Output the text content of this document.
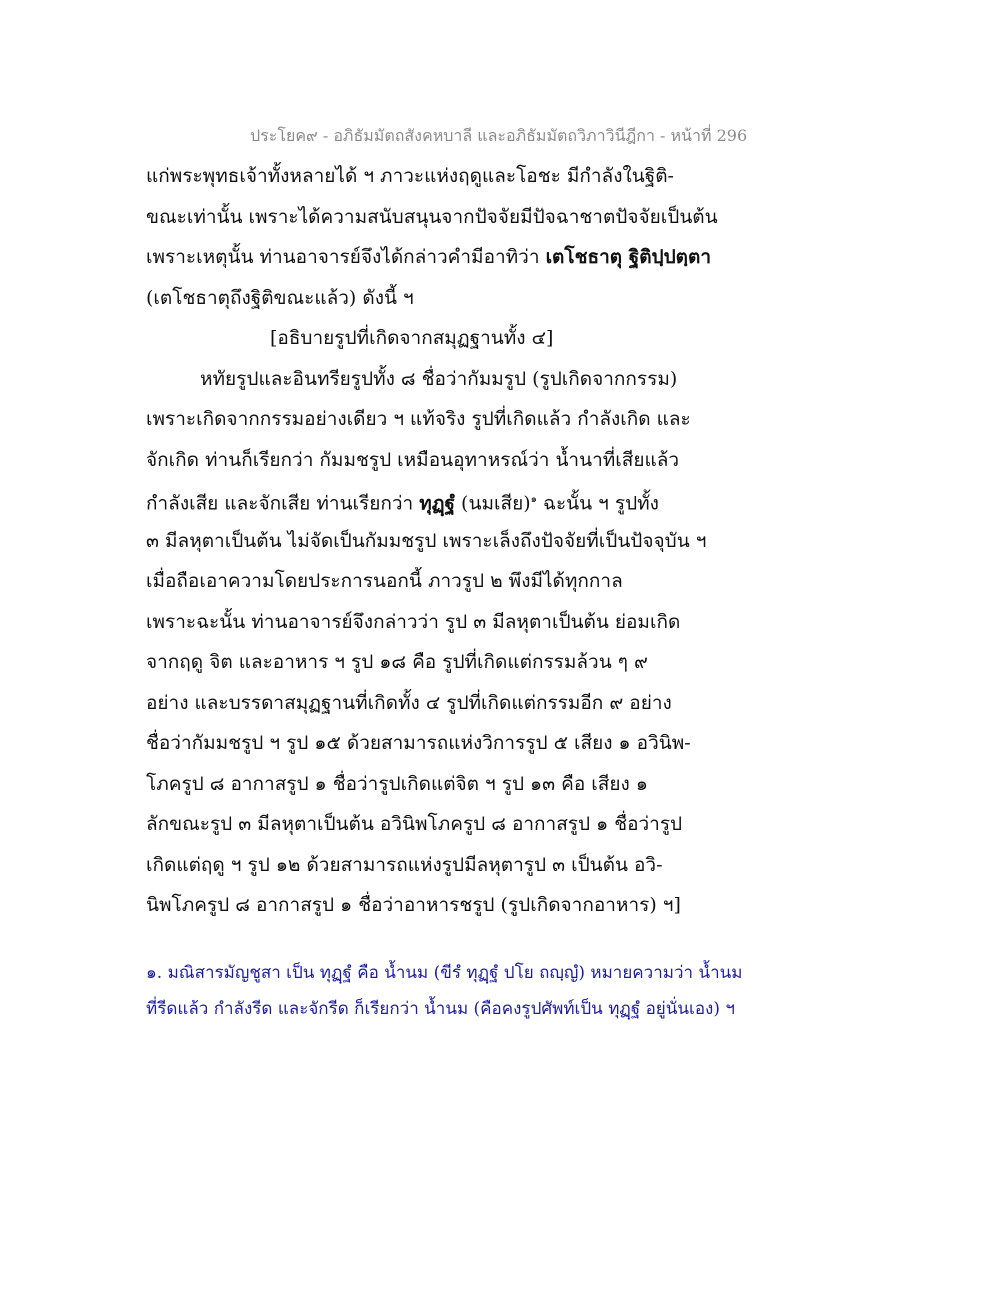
ประโยค๙ - อภิธัมมัตถสังคหบาลี และอภิธัมมัตถวิภาวินีฎีกา - หน้าที่ 296
แก่พระพุทธเจ้าทั้งหลายได้ ฯ ภาวะแห่งฤดูและโอชะ มีกำลังในฐิติ-
ขณะเท่านั้น เพราะได้ความสนับสนุนจากปัจจัยมีปัจฉาชาตปัจจัยเป็นต้น
เพราะเหตุนั้น ท่านอาจารย์จึงได้กล่าวคำมีอาทิว่า เตโชธาตุ ฐิติปฺปตฺตา
(เตโชธาตุถึงฐิติขณะแล้ว) ดังนี้ ฯ
[อธิบายรูปที่เกิดจากสมุฏฐานทั้ง ๔]
หทัยรูปและอินทรียรูปทั้ง ๘ ชื่อว่ากัมมรูป (รูปเกิดจากกรรม)
เพราะเกิดจากกรรมอย่างเดียว ฯ แท้จริง รูปที่เกิดแล้ว กำลังเกิด และ
จักเกิด ท่านก็เรียกว่า กัมมชรูป เหมือนอุทาหรณ์ว่า น้ำนาที่เสียแล้ว
กำลังเสีย และจักเสีย ท่านเรียกว่า ทุฏฺฐํ (นมเสีย)$^๑$ ฉะนั้น ฯ รูปทั้ง
๓ มีลหุตาเป็นต้น ไม่จัดเป็นกัมมชรูป เพราะเล็งถึงปัจจัยที่เป็นปัจจุบัน ฯ
เมื่อถือเอาความโดยประการนอกนี้ ภาวรูป ๒ พึงมีได้ทุกกาล
เพราะฉะนั้น ท่านอาจารย์จึงกล่าวว่า รูป ๓ มีลหุตาเป็นต้น ย่อมเกิด
จากฤดู จิต และอาหาร ฯ รูป ๑๘ คือ รูปที่เกิดแต่กรรมล้วน ๆ ๙
อย่าง และบรรดาสมุฏฐานที่เกิดทั้ง ๔ รูปที่เกิดแต่กรรมอีก ๙ อย่าง
ชื่อว่ากัมมชรูป ฯ รูป ๑๕ ด้วยสามารถแห่งวิการรูป ๕ เสียง ๑ อวินิพ-
โภครูป ๘ อากาสรูป ๑ ชื่อว่ารูปเกิดแต่จิต ฯ รูป ๑๓ คือ เสียง ๑
ลักขณะรูป ๓ มีลหุตาเป็นต้น อวินิพโภครูป ๘ อากาสรูป ๑ ชื่อว่ารูป
เกิดแต่ฤดู ฯ รูป ๑๒ ด้วยสามารถแห่งรูปมีลหุตารูป ๓ เป็นต้น อวิ-
นิพโภครูป ๘ อากาสรูป ๑ ชื่อว่าอาหารชรูป (รูปเกิดจากอาหาร) ฯ]
๑. มณิสารมัญชูสา เป็น ทุฏฺฐํ คือ น้ำนม (ขีรํ ทุฏฺฐํ ปโย ถญฺญํ) หมายความว่า น้ำนม
ที่รีดแล้ว กำลังรีด และจักรีด ก็เรียกว่า น้ำนม (คือคงรูปศัพท์เป็น ทุฏฺฐํ อยู่นั่นเอง) ฯ
